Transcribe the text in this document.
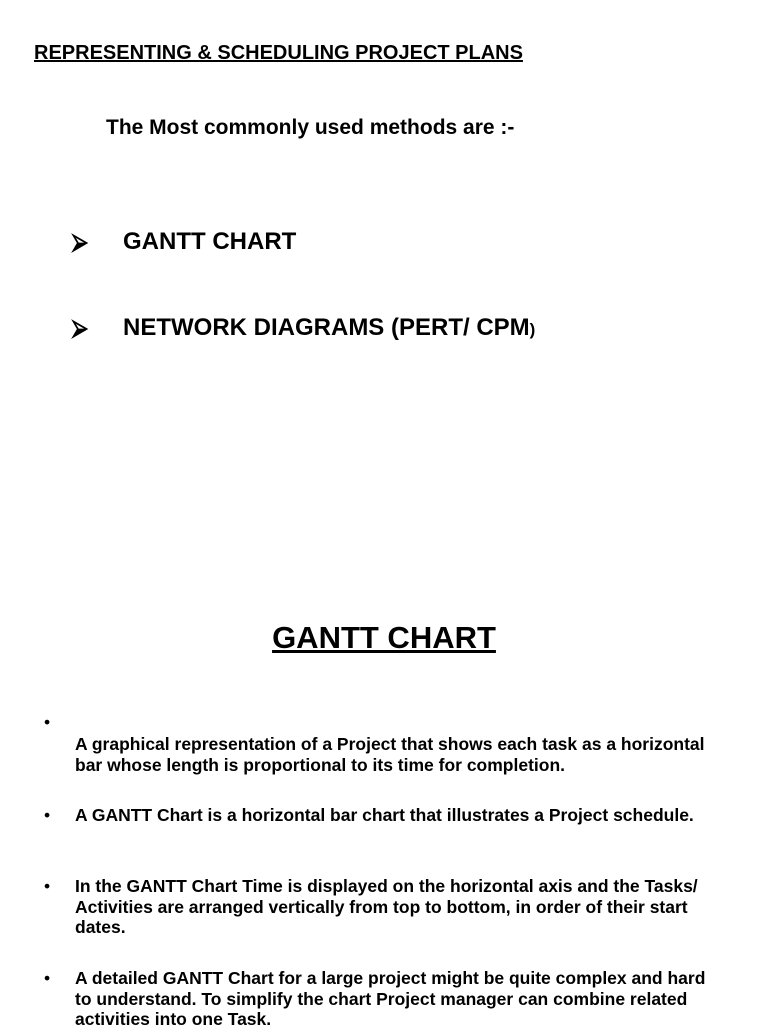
REPRESENTING & SCHEDULING PROJECT PLANS
The Most commonly used methods are :-
⮚	GANTT CHART
⮚	NETWORK DIAGRAMS (PERT/ CPM )
GANTT CHART
•
A graphical representation of a Project that shows each task as a horizontal bar whose length is proportional to its time for completion.
• A GANTT Chart is a horizontal bar chart that illustrates a Project schedule.
• In the GANTT Chart Time is displayed on the horizontal axis and the Tasks/ Activities are arranged vertically from top to bottom, in order of their start dates.
• A detailed GANTT Chart for a large project might be quite complex and hard to understand. To simplify the chart Project manager can combine related activities into one Task.
